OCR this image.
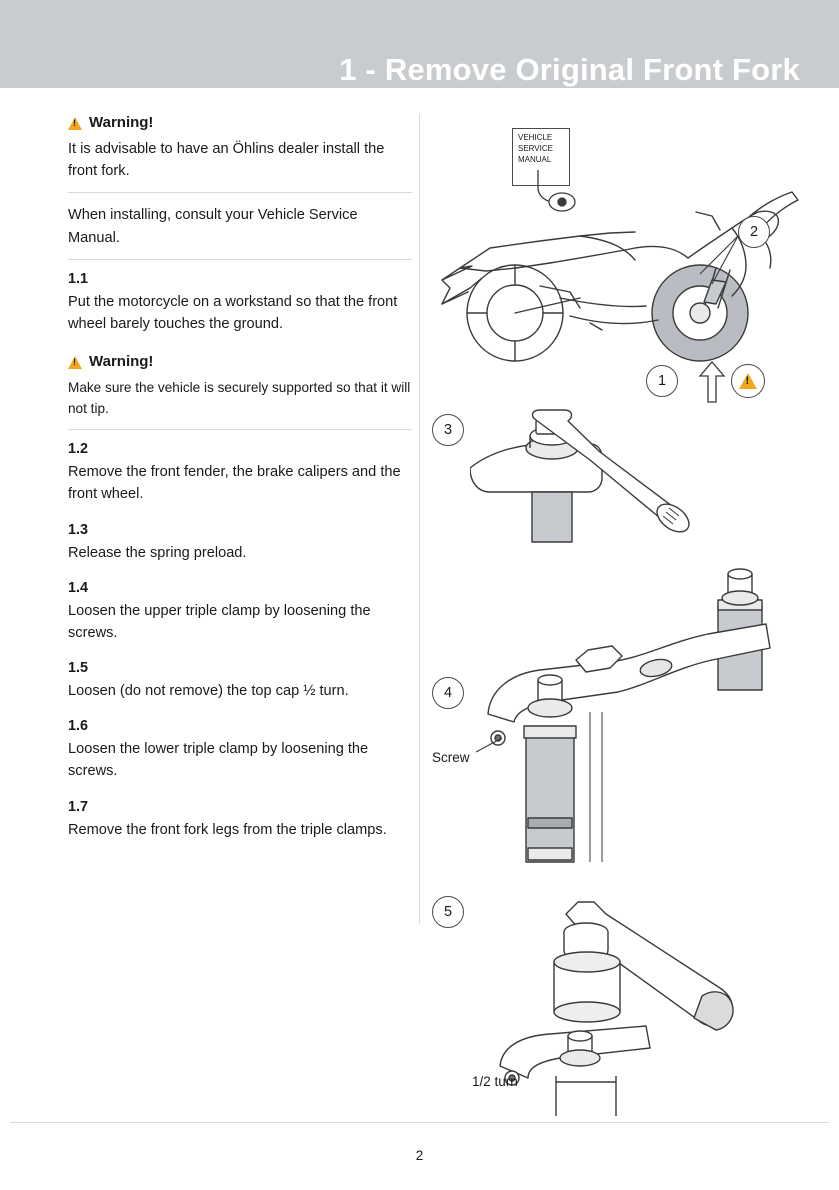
1 - Remove Original Front Fork
!
Warning!

It is advisable to have an Öhlins dealer install the front fork.

When installing, consult your Vehicle Service Manual.

1.1

Put the motorcycle on a workstand so that the front wheel barely touches the ground.

!
Warning!

Make sure the vehicle is securely supported so that it will not tip.

1.2

Remove the front fender, the brake calipers and the front wheel.

1.3

Release the spring preload.

1.4

Loosen the upper triple clamp by loosening the screws.

1.5

Loosen (do not remove) the top cap ½ turn.

1.6

Loosen the lower triple clamp by loosening the screws.

1.7

Remove the front fork legs from the triple clamps.

VEHICLE
SERVICE
MANUAL
2
1
!
3
4
Screw
5
1/2 turn
2
